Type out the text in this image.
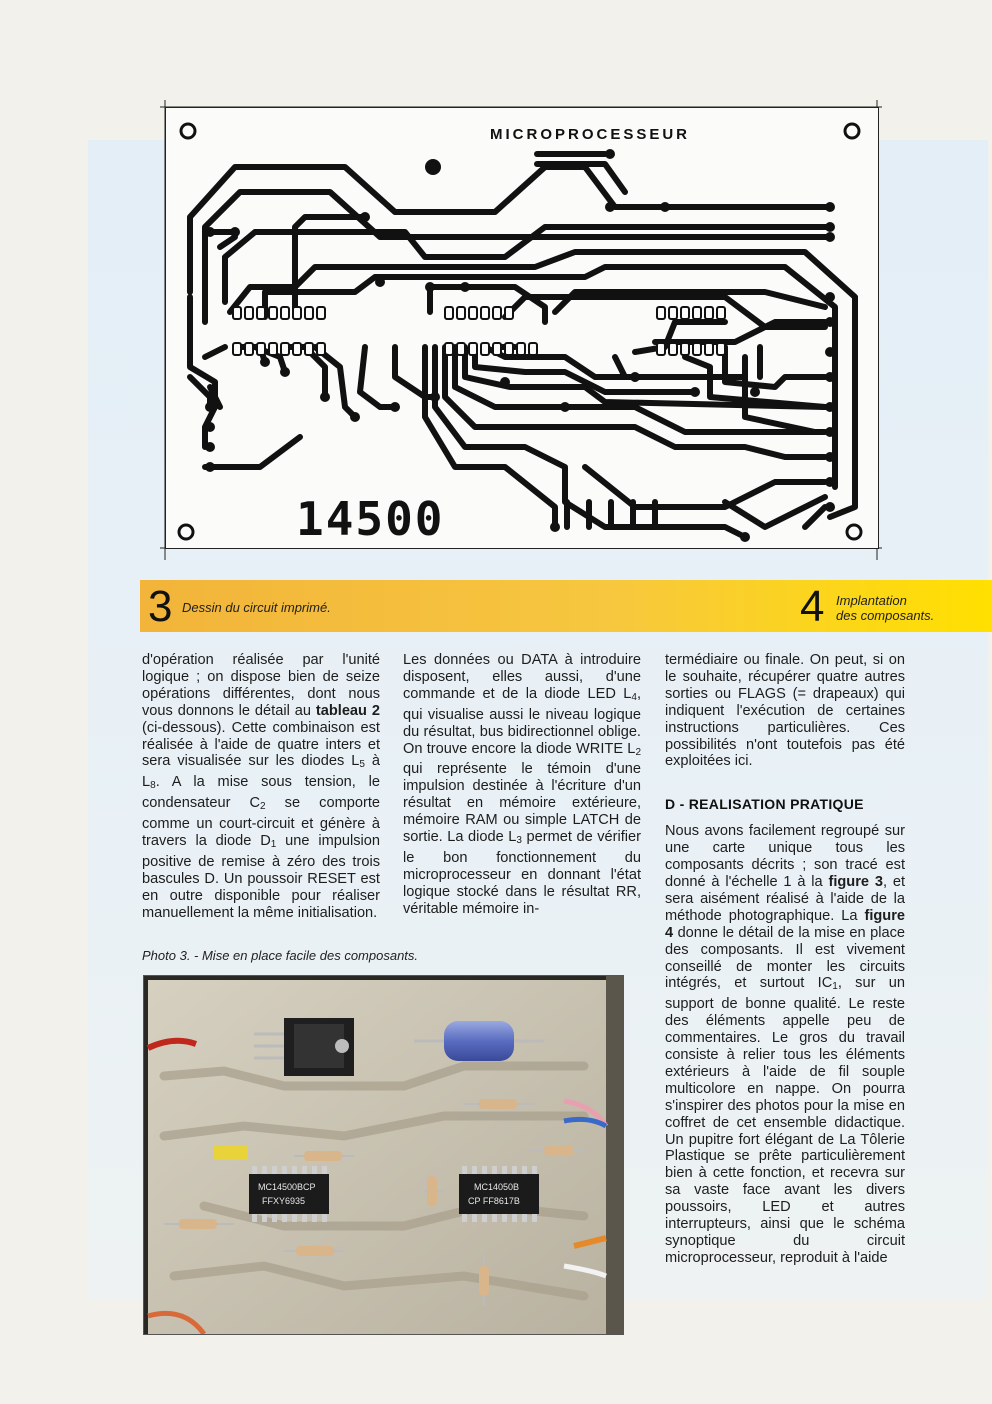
MICROPROCESSEUR
14500
3 Dessin du circuit imprimé.	4 Implantation
des composants.

d'opération réalisée par l'unité logique ; on dispose bien de seize opérations différentes, dont nous vous donnons le détail au tableau 2 (ci-dessous). Cette combinaison est réalisée à l'aide de quatre inters et sera visualisée sur les diodes $L_5$ à $L_8$. A la mise sous tension, le condensateur $C_2$ se comporte comme un court-circuit et génère à travers la diode $D_1$ une impulsion positive de remise à zéro des trois bascules D. Un poussoir RESET est en outre disponible pour réaliser manuellement la même initialisation.

Les données ou DATA à introduire disposent, elles aussi, d'une commande et de la diode LED $L_4$, qui visualise aussi le niveau logique du résultat, bus bidirectionnel oblige. On trouve encore la diode WRITE $L_2$ qui représente le témoin d'une impulsion destinée à l'écriture d'un résultat en mémoire extérieure, mémoire RAM ou simple LATCH de sortie. La diode $L_3$ permet de vérifier le bon fonctionnement du microprocesseur en donnant l'état logique stocké dans le résultat RR, véritable mémoire in-

termédiaire ou finale. On peut, si on le souhaite, récupérer quatre autres sorties ou FLAGS (= drapeaux) qui indiquent l'exécution de certaines instructions particulières. Ces possibilités n'ont toutefois pas été exploitées ici.

D - REALISATION PRATIQUE

Nous avons facilement regroupé sur une carte unique tous les composants décrits ; son tracé est donné à l'échelle 1 à la figure 3, et sera aisément réalisé à l'aide de la méthode photographique. La figure 4 donne le détail de la mise en place des composants. Il est vivement conseillé de monter les circuits intégrés, et surtout $IC_1$, sur un support de bonne qualité. Le reste des éléments appelle peu de commentaires. Le gros du travail consiste à relier tous les éléments extérieurs à l'aide de fil souple multicolore en nappe. On pourra s'inspirer des photos pour la mise en coffret de cet ensemble didactique. Un pupitre fort élégant de La Tôlerie Plastique se prête particulièrement bien à cette fonction, et recevra sur sa vaste face avant les divers poussoirs, LED et autres interrupteurs, ainsi que le schéma synoptique du circuit microprocesseur, reproduit à l'aide

Photo 3. - Mise en place facile des composants.
MC14500BCP
FFXY6935
MC14050B
CP FF8617B
